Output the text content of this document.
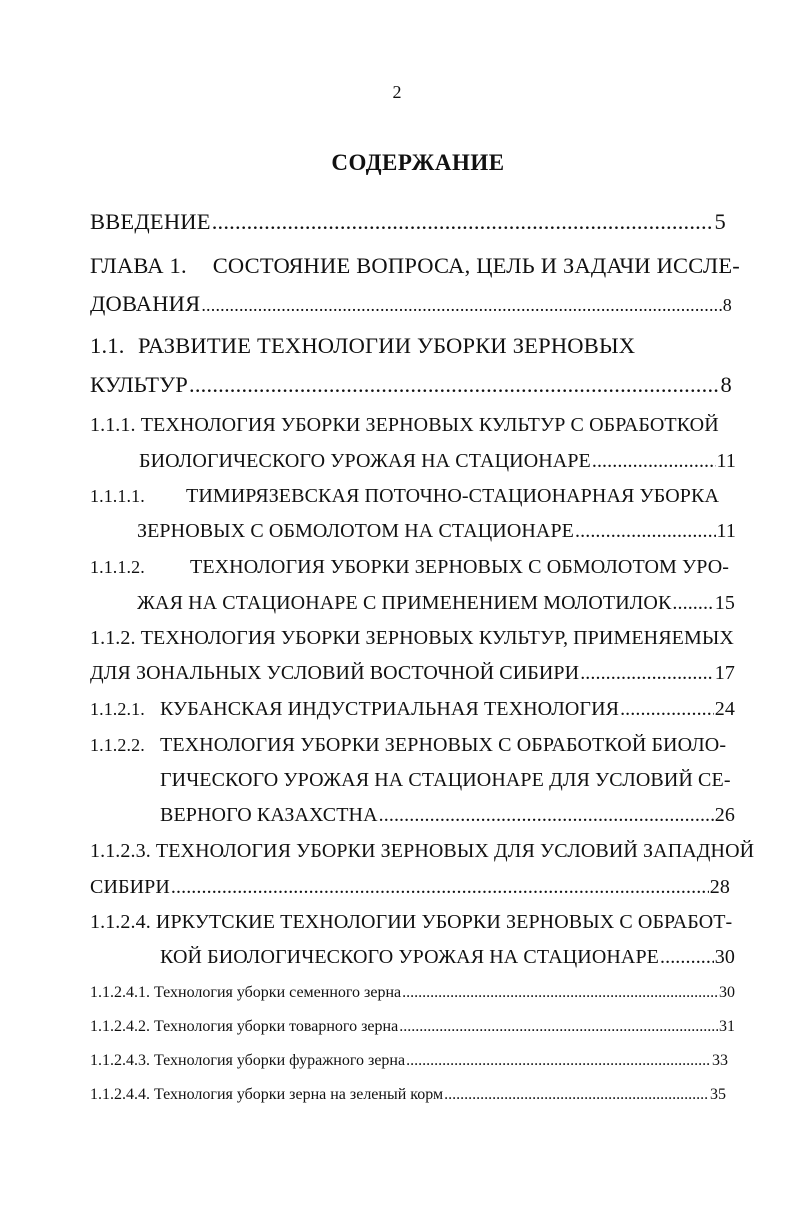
2
СОДЕРЖАНИЕ
ВВЕДЕНИЕ .....	5
ГЛАВА 1. СОСТОЯНИЕ ВОПРОСА, ЦЕЛЬ И ЗАДАЧИ ИССЛЕ-
ДОВАНИЯ .....	8
1.1. РАЗВИТИЕ ТЕХНОЛОГИИ УБОРКИ ЗЕРНОВЫХ
КУЛЬТУР .....	8
1.1.1. ТЕХНОЛОГИЯ УБОРКИ ЗЕРНОВЫХ КУЛЬТУР С ОБРАБОТКОЙ
БИОЛОГИЧЕСКОГО УРОЖАЯ НА СТАЦИОНАРЕ .....	11
1.1.1.1. ТИМИРЯЗЕВСКАЯ ПОТОЧНО-СТАЦИОНАРНАЯ УБОРКА
ЗЕРНОВЫХ С ОБМОЛОТОМ НА СТАЦИОНАРЕ .....	11
1.1.1.2. ТЕХНОЛОГИЯ УБОРКИ ЗЕРНОВЫХ С ОБМОЛОТОМ УРО-
ЖАЯ НА СТАЦИОНАРЕ С ПРИМЕНЕНИЕМ МОЛОТИЛОК ..... 15
1.1.2. ТЕХНОЛОГИЯ УБОРКИ ЗЕРНОВЫХ КУЛЬТУР, ПРИМЕНЯЕМЫХ
ДЛЯ ЗОНАЛЬНЫХ УСЛОВИЙ ВОСТОЧНОЙ СИБИРИ .....	17
1.1.2.1. КУБАНСКАЯ ИНДУСТРИАЛЬНАЯ ТЕХНОЛОГИЯ .....	24
1.1.2.2. ТЕХНОЛОГИЯ УБОРКИ ЗЕРНОВЫХ С ОБРАБОТКОЙ БИОЛО-
ГИЧЕСКОГО УРОЖАЯ НА СТАЦИОНАРЕ ДЛЯ УСЛОВИЙ СЕ-
ВЕРНОГО КАЗАХСТНА .....	26
1.1.2.3. ТЕХНОЛОГИЯ УБОРКИ ЗЕРНОВЫХ ДЛЯ УСЛОВИЙ ЗАПАДНОЙ
СИБИРИ .....	28
1.1.2.4. ИРКУТСКИЕ ТЕХНОЛОГИИ УБОРКИ ЗЕРНОВЫХ С ОБРАБОТ-
КОЙ БИОЛОГИЧЕСКОГО УРОЖАЯ НА СТАЦИОНАРЕ .....	30
1.1.2.4.1. Технология уборки семенного зерна .....	30
1.1.2.4.2. Технология уборки товарного зерна .....	31
1.1.2.4.3. Технология уборки фуражного зерна .....	33
1.1.2.4.4. Технология уборки зерна на зеленый корм .....	35
